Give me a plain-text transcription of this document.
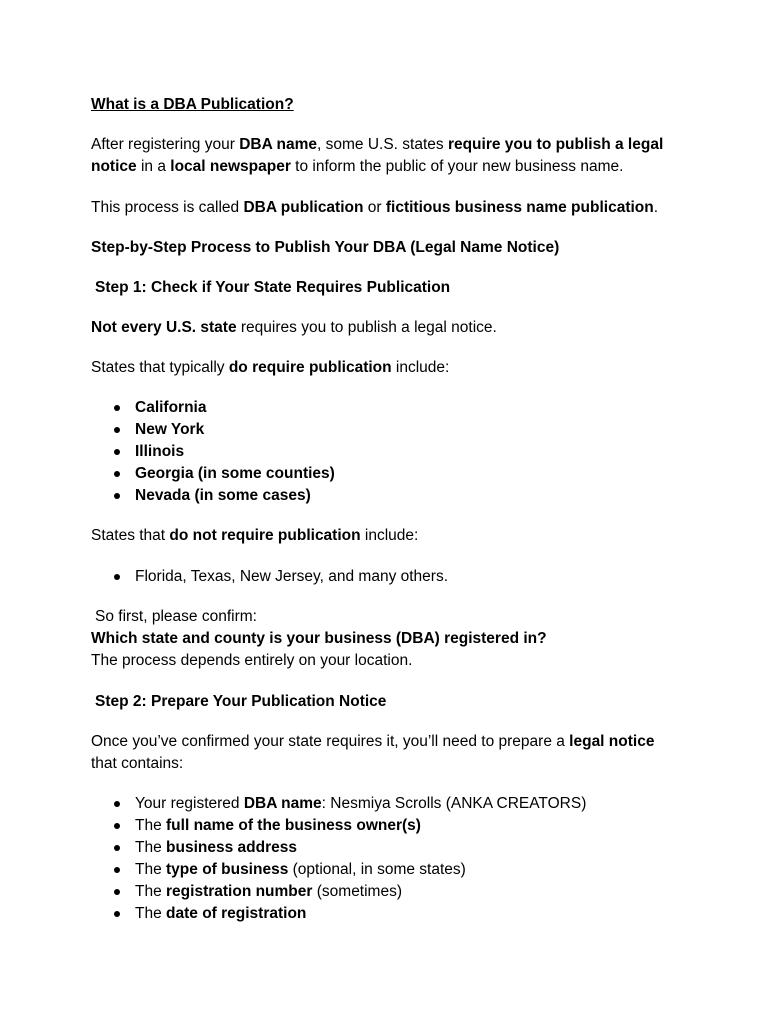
What is a DBA Publication?
After registering your DBA name, some U.S. states require you to publish a legal
notice in a local newspaper to inform the public of your new business name.
This process is called DBA publication or fictitious business name publication.
Step-by-Step Process to Publish Your DBA (Legal Name Notice)
Step 1: Check if Your State Requires Publication
Not every U.S. state requires you to publish a legal notice.
States that typically do require publication include:
California
New York
Illinois
Georgia (in some counties)
Nevada (in some cases)
States that do not require publication include:
Florida, Texas, New Jersey, and many others.
So first, please confirm:
Which state and county is your business (DBA) registered in?
The process depends entirely on your location.
Step 2: Prepare Your Publication Notice
Once you’ve confirmed your state requires it, you’ll need to prepare a legal notice
that contains:
Your registered DBA name: Nesmiya Scrolls (ANKA CREATORS)
The full name of the business owner(s)
The business address
The type of business (optional, in some states)
The registration number (sometimes)
The date of registration
